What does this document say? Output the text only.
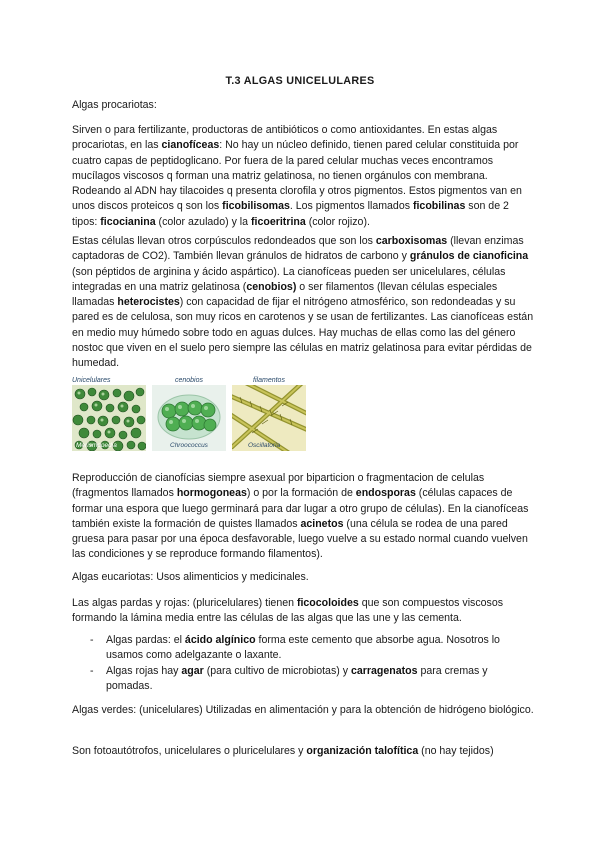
T.3 ALGAS UNICELULARES

Algas procariotas:

Sirven o para fertilizante, productoras de antibióticos o como antioxidantes. En estas algas procariotas, en las cianofíceas: No hay un núcleo definido, tienen pared celular constituida por cuatro capas de peptidoglicano. Por fuera de la pared celular muchas veces encontramos mucílagos viscosos q forman una matriz gelatinosa, no tienen orgánulos con membrana. Rodeando al ADN hay tilacoides q presenta clorofila y otros pigmentos. Estos pigmentos van en unos discos proteicos q son los ficobilisomas. Los pigmentos llamados ficobilinas son de 2 tipos: ficocianina (color azulado) y la ficoeritrina (color rojizo).

Estas células llevan otros corpúsculos redondeados que son los carboxisomas (llevan enzimas captadoras de CO2). También llevan gránulos de hidratos de carbono y gránulos de cianoficina (son péptidos de arginina y ácido aspártico). La cianofíceas pueden ser unicelulares, células integradas en una matriz gelatinosa (cenobios) o ser filamentos (llevan células especiales llamadas heterocistes) con capacidad de fijar el nitrógeno atmosférico, son redondeadas y su pared es de celulosa, son muy ricos en carotenos y se usan de fertilizantes. Las cianofíceas están en medio muy húmedo sobre todo en aguas dulces. Hay muchas de ellas como las del género nostoc que viven en el suelo pero siempre las células en matriz gelatinosa para evitar pérdidas de humedad.

Unicelulares
Merismopedia
cenobios
Chroococcus
filamentos
Oscillatoria

Reproducción de cianofícias siempre asexual por biparticion o fragmentacion de celulas (fragmentos llamados hormogoneas) o por la formación de endosporas (células capaces de formar una espora que luego germinará para dar lugar a otro grupo de células). En la cianofíceas también existe la formación de quistes llamados acinetos (una célula se rodea de una pared gruesa para pasar por una época desfavorable, luego vuelve a su estado normal cuando vuelven las condiciones y se reproduce formando filamentos).

Algas eucariotas: Usos alimenticios y medicinales.

Las algas pardas y rojas: (pluricelulares) tienen ficocoloides que son compuestos viscosos formando la lámina media entre las células de las algas que las une y las cementa.

- Algas pardas: el ácido algínico forma este cemento que absorbe agua. Nosotros lo usamos como adelgazante o laxante.
- Algas rojas hay agar (para cultivo de microbiotas) y carragenatos para cremas y pomadas.

Algas verdes: (unicelulares) Utilizadas en alimentación y para la obtención de hidrógeno biológico.

Son fotoautótrofos, unicelulares o pluricelulares y organización talofítica (no hay tejidos)
